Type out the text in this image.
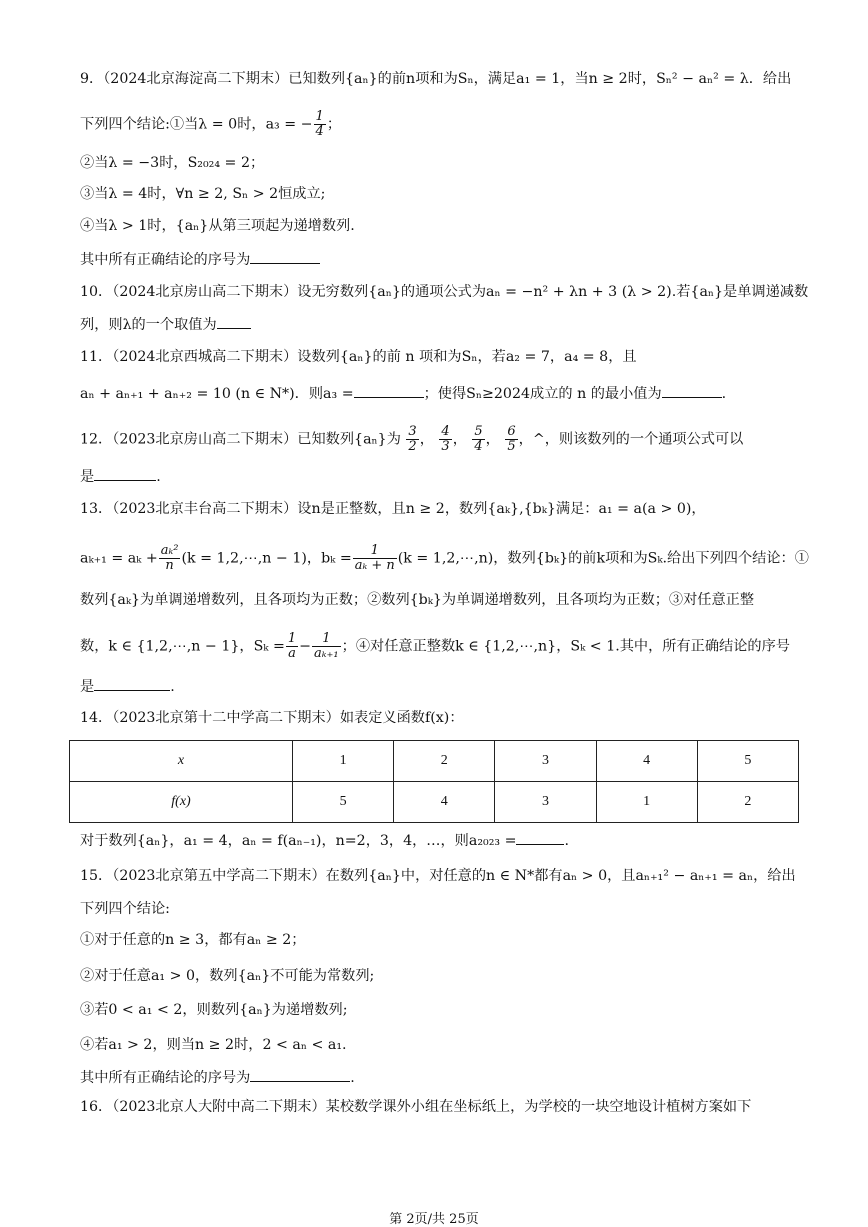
9．（2024北京海淀高二下期末）已知数列{aₙ}的前n项和为Sₙ，满足a₁ = 1，当n ≥ 2时，Sₙ² − aₙ² = λ．给出
下列四个结论:①当λ = 0时，a₃ = − $\frac{1}{4}$ ；
②当λ = −3时，S₂₀₂₄ = 2；
③当λ = 4时，∀n ≥ 2, Sₙ > 2恒成立;
④当λ > 1时，{aₙ}从第三项起为递增数列.
其中所有正确结论的序号为
10．（2024北京房山高二下期末）设无穷数列{aₙ}的通项公式为aₙ = −n² + λn + 3 (λ > 2).若{aₙ}是单调递减数
列，则λ的一个取值为
11．（2024北京西城高二下期末）设数列{aₙ}的前 n 项和为Sₙ，若a₂ = 7，a₄ = 8，且
aₙ + aₙ₊₁ + aₙ₊₂ = 10 (n ∈ N*)．则a₃ =	；使得Sₙ≥2024成立的 n 的最小值为	.
12．（2023北京房山高二下期末）已知数列{aₙ}为 $\frac{3}{2}$ ， $\frac{4}{3}$ ， $\frac{5}{4}$ ， $\frac{6}{5}$ ，^，则该数列的一个通项公式可以
是	.
13．（2023北京丰台高二下期末）设n是正整数，且n ≥ 2，数列{aₖ},{bₖ}满足：a₁ = a(a > 0)，
$a_{k+1} = a_k + \frac{\text{aₖ²}}{n} (k$ = 1,2,⋯,n − 1)，$b_k = \frac{1}{\text{aₖ + n}} (k$ = 1,2,⋯,n)，数列{bₖ}的前k项和为Sₖ.给出下列四个结论：①
数列{aₖ}为单调递增数列，且各项均为正数；②数列{bₖ}为单调递增数列，且各项均为正数；③对任意正整
数，k ∈ {1,2,⋯,n − 1}，$S_k = \frac{1}{a} - \frac{1}{\text{aₖ₊₁}}$ ；④对任意正整数k ∈ {1,2,⋯,n}，Sₖ < 1.其中，所有正确结论的序号
是	.
14．（2023北京第十二中学高二下期末）如表定义函数f(x)：
x	1	2	3	4	5
f(x)	5	4	3	1	2
对于数列{aₙ}，a₁ = 4，aₙ = f(aₙ₋₁)，n=2，3，4，…，则a₂₀₂₃ =	.
15．（2023北京第五中学高二下期末）在数列{aₙ}中，对任意的n ∈ N*都有aₙ > 0，且aₙ₊₁² − aₙ₊₁ = aₙ，给出
下列四个结论:
①对于任意的n ≥ 3，都有aₙ ≥ 2；
②对于任意a₁ > 0，数列{aₙ}不可能为常数列;
③若0 < a₁ < 2，则数列{aₙ}为递增数列;
④若a₁ > 2，则当n ≥ 2时，2 < aₙ < a₁.
其中所有正确结论的序号为	.
16．（2023北京人大附中高二下期末）某校数学课外小组在坐标纸上，为学校的一块空地设计植树方案如下
第 2页/共 25页
